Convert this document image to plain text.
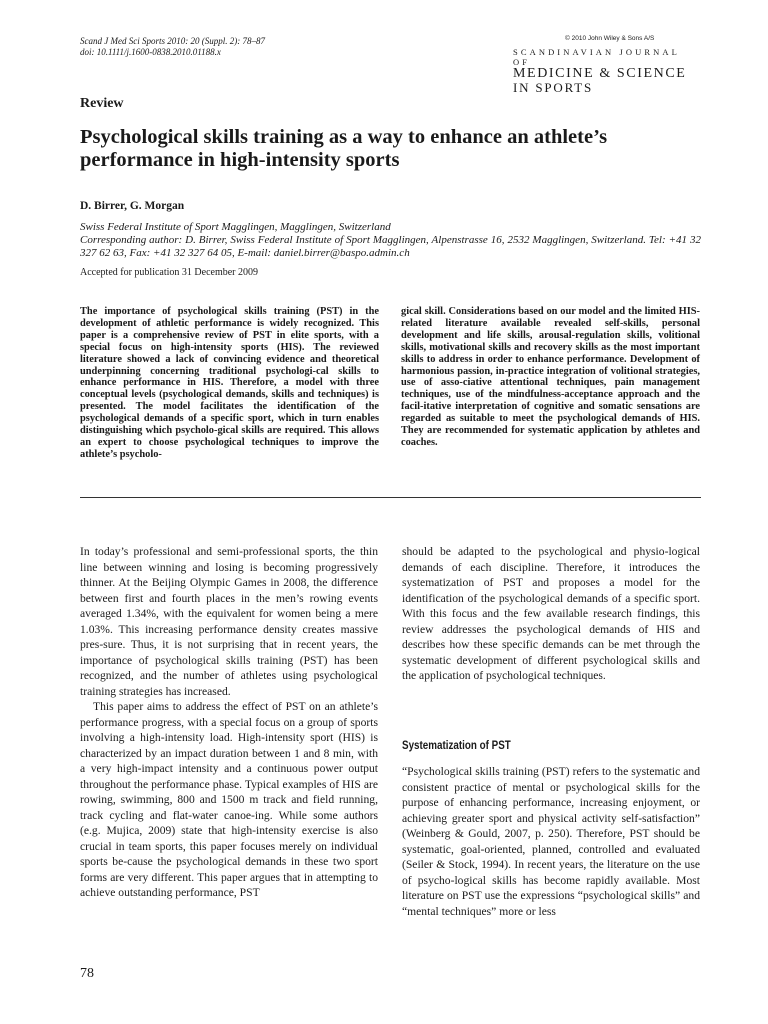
Scand J Med Sci Sports 2010: 20 (Suppl. 2): 78–87
doi: 10.1111/j.1600-0838.2010.01188.x
© 2010 John Wiley & Sons A/S
SCANDINAVIAN JOURNAL OF
MEDICINE & SCIENCE
IN SPORTS
Review
Psychological skills training as a way to enhance an athlete’s performance in high-intensity sports
D. Birrer, G. Morgan

Swiss Federal Institute of Sport Magglingen, Magglingen, Switzerland

Corresponding author: D. Birrer, Swiss Federal Institute of Sport Magglingen, Alpenstrasse 16, 2532 Magglingen, Switzerland. Tel: +41 32 327 62 63, Fax: +41 32 327 64 05, E-mail: daniel.birrer@baspo.admin.ch

Accepted for publication 31 December 2009
The importance of psychological skills training (PST) in the development of athletic performance is widely recognized. This paper is a comprehensive review of PST in elite sports, with a special focus on high-intensity sports (HIS). The reviewed literature showed a lack of convincing evidence and theoretical underpinning concerning traditional psychologi-cal skills to enhance performance in HIS. Therefore, a model with three conceptual levels (psychological demands, skills and techniques) is presented. The model facilitates the identification of the psychological demands of a specific sport, which in turn enables distinguishing which psycholo-gical skills are required. This allows an expert to choose psychological techniques to improve the athlete’s psycholo-
gical skill. Considerations based on our model and the limited HIS-related literature available revealed self-skills, personal development and life skills, arousal-regulation skills, volitional skills, motivational skills and recovery skills as the most important skills to address in order to enhance performance. Development of harmonious passion, in-practice integration of volitional strategies, use of asso-ciative attentional techniques, pain management techniques, use of the mindfulness-acceptance approach and the facil-itative interpretation of cognitive and somatic sensations are regarded as suitable to meet the psychological demands of HIS. They are recommended for systematic application by athletes and coaches.

In today’s professional and semi-professional sports, the thin line between winning and losing is becoming progressively thinner. At the Beijing Olympic Games in 2008, the difference between first and fourth places in the men’s rowing events averaged 1.34%, with the equivalent for women being a mere 1.03%. This increasing performance density creates massive pres-sure. Thus, it is not surprising that in recent years, the importance of psychological skills training (PST) has been recognized, and the number of athletes using psychological training strategies has increased.

This paper aims to address the effect of PST on an athlete’s performance progress, with a special focus on a group of sports involving a high-intensity load. High-intensity sport (HIS) is characterized by an impact duration between 1 and 8 min, with a very high-impact intensity and a continuous power output throughout the performance phase. Typical examples of HIS are rowing, swimming, 800 and 1500 m track and field running, track cycling and flat-water canoe-ing. While some authors (e.g. Mujica, 2009) state that high-intensity exercise is also crucial in team sports, this paper focuses merely on individual sports be-cause the psychological demands in these two sport forms are very different. This paper argues that in attempting to achieve outstanding performance, PST

should be adapted to the psychological and physio-logical demands of each discipline. Therefore, it introduces the systematization of PST and proposes a model for the identification of the psychological demands of a specific sport. With this focus and the few available research findings, this review addresses the psychological demands of HIS and describes how these specific demands can be met through the systematic development of different psychological skills and the application of psychological techniques.

Systematization of PST

“Psychological skills training (PST) refers to the systematic and consistent practice of mental or psychological skills for the purpose of enhancing performance, increasing enjoyment, or achieving greater sport and physical activity self-satisfaction” (Weinberg & Gould, 2007, p. 250). Therefore, PST should be systematic, goal-oriented, planned, controlled and evaluated (Seiler & Stock, 1994). In recent years, the literature on the use of psycho-logical skills has become rapidly available. Most literature on PST use the expressions “psychological skills” and “mental techniques” more or less

78
